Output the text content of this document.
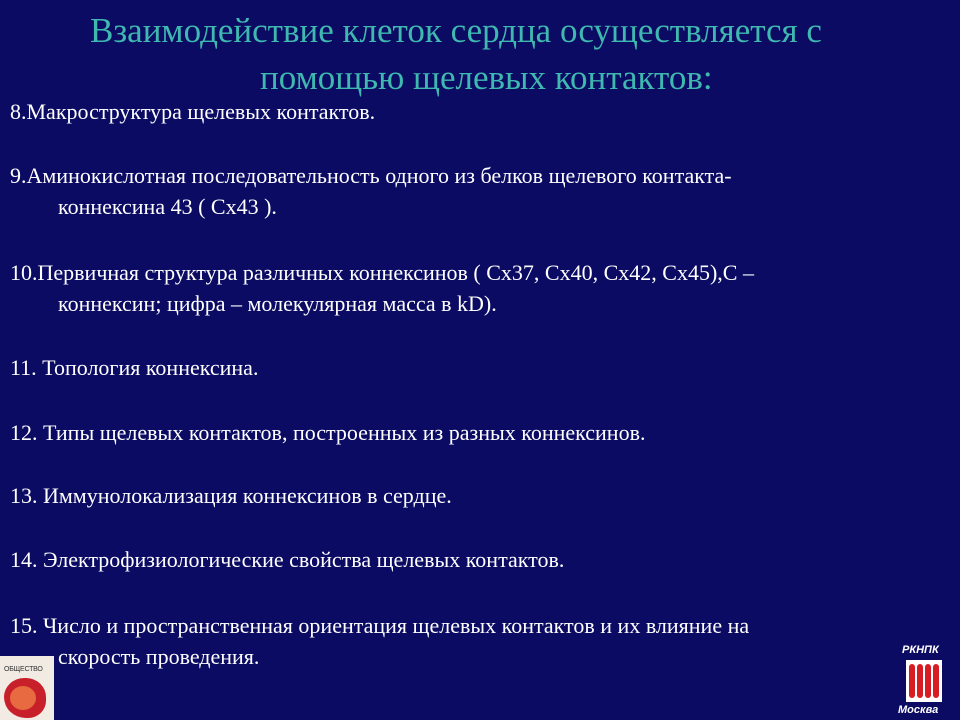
Взаимодействие клеток сердца осуществляется с
помощью щелевых контактов:
8.Макроструктура щелевых контактов.
9.Аминокислотная последовательность одного из белков щелевого контакта-
коннексина 43 ( Cx43 ).
10.Первичная структура различных коннексинов ( Cx37, Cx40, Cx42, Cx45),С –
коннексин; цифра – молекулярная масса в kD).
11. Топология коннексина.
12. Типы щелевых контактов, построенных из разных коннексинов.
13. Иммунолокализация коннексинов в сердце.
14. Электрофизиологические свойства щелевых контактов.
15. Число и пространственная ориентация щелевых контактов и их влияние на
скорость проведения.
ОБЩЕСТВО
РКНПК
Москва
